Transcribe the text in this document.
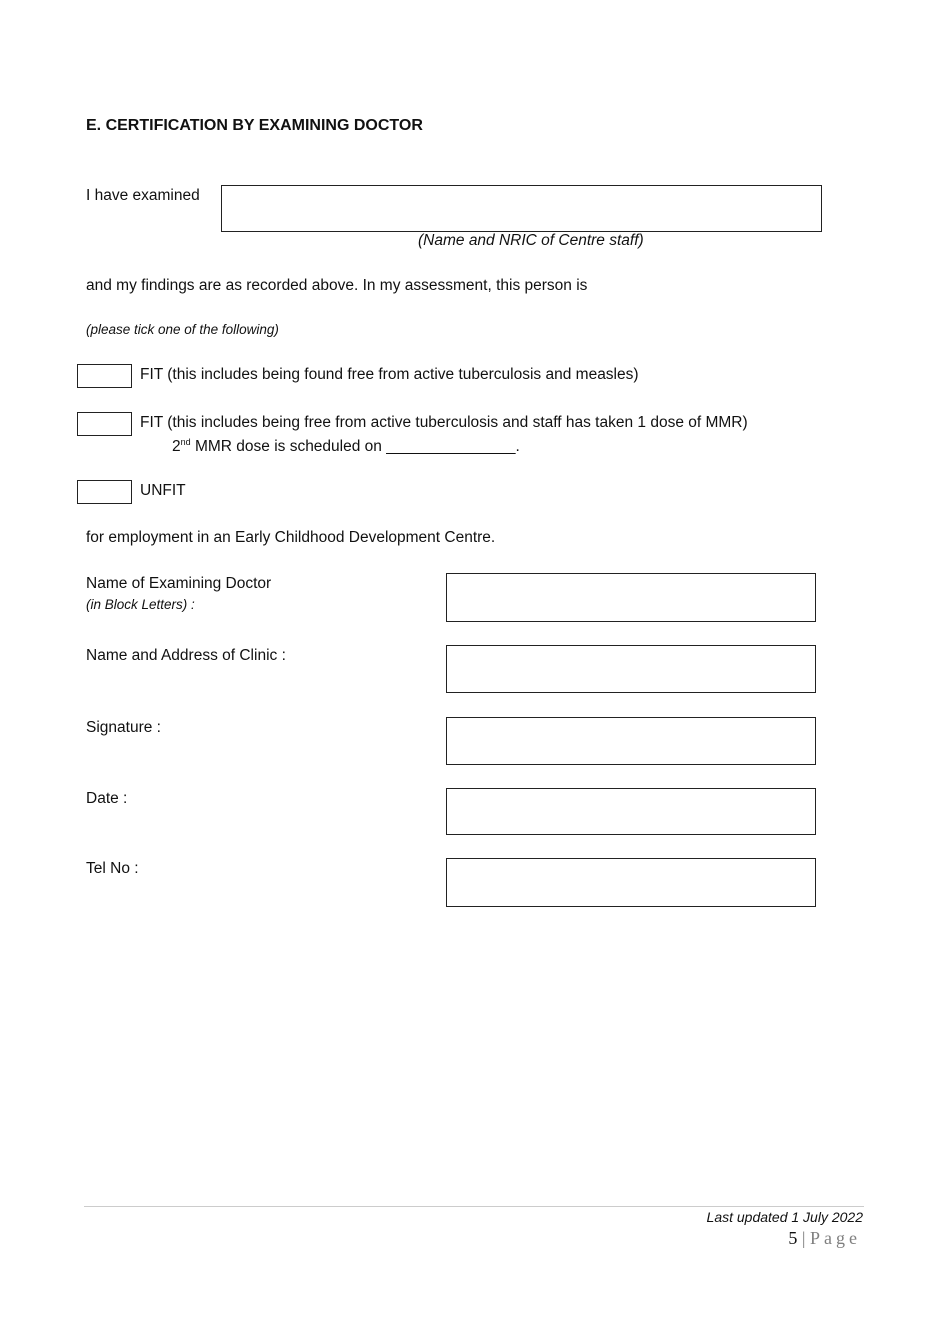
E. CERTIFICATION BY EXAMINING DOCTOR
I have examined
(Name and NRIC of Centre staff)
and my findings are as recorded above. In my assessment, this person is
(please tick one of the following)
FIT (this includes being found free from active tuberculosis and measles)
FIT (this includes being free from active tuberculosis and staff has taken 1 dose of MMR)
2nd MMR dose is scheduled on _______________.
UNFIT
for employment in an Early Childhood Development Centre.
Name of Examining Doctor
(in Block Letters) :
Name and Address of Clinic :
Signature :
Date :
Tel No :
Last updated 1 July 2022
5 | Page
